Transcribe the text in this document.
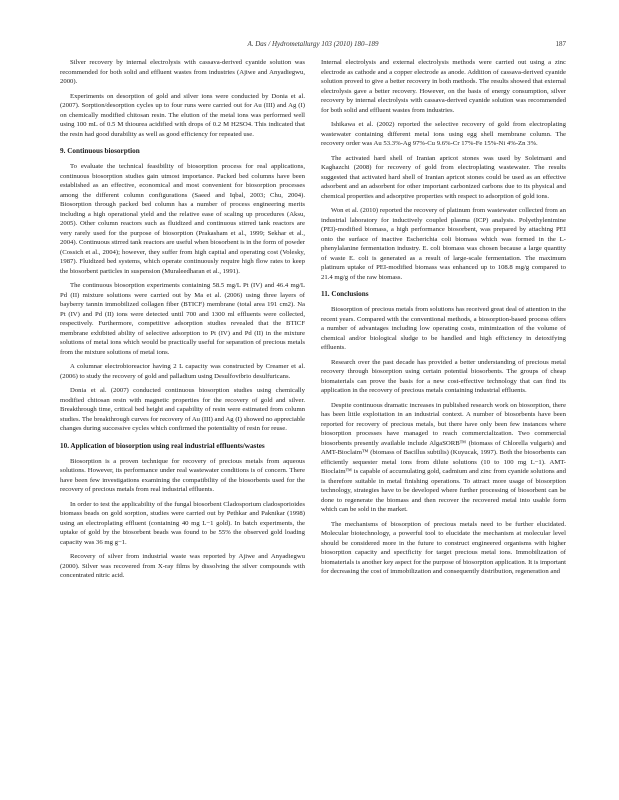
A. Das / Hydrometallurgy 103 (2010) 180–189	187

Silver recovery by internal electrolysis with cassava-derived cyanide solution was recommended for both solid and effluent wastes from industries (Ajiwe and Anyadiegwu, 2000).

Experiments on desorption of gold and silver ions were conducted by Donia et al. (2007). Sorption/desorption cycles up to four runs were carried out for Au (III) and Ag (I) on chemically modified chitosan resin. The elution of the metal ions was performed well using 100 mL of 0.5 M thiourea acidified with drops of 0.2 M H2SO4. This indicated that the resin had good durability as well as good efficiency for repeated use.

9. Continuous biosorption

To evaluate the technical feasibility of biosorption process for real applications, continuous biosorption studies gain utmost importance. Packed bed columns have been established as an effective, economical and most convenient for biosorption processes among the different column configurations (Saeed and Iqbal, 2003; Chu, 2004). Biosorption through packed bed column has a number of process engineering merits including a high operational yield and the relative ease of scaling up procedures (Aksu, 2005). Other column reactors such as fluidized and continuous stirred tank reactors are very rarely used for the purpose of biosorption (Prakasham et al., 1999; Sekhar et al., 2004). Continuous stirred tank reactors are useful when biosorbent is in the form of powder (Cossich et al., 2004); however, they suffer from high capital and operating cost (Volesky, 1987). Fluidized bed systems, which operate continuously require high flow rates to keep the biosorbent particles in suspension (Muraleedharan et al., 1991).

The continuous biosorption experiments containing 58.5 mg/L Pt (IV) and 46.4 mg/L Pd (II) mixture solutions were carried out by Ma et al. (2006) using three layers of bayberry tannin immobilized collagen fiber (BTICF) membrane (total area 191 cm2). Na Pt (IV) and Pd (II) ions were detected until 700 and 1300 ml effluents were collected, respectively. Furthermore, competitive adsorption studies revealed that the BTICF membrane exhibited ability of selective adsorption to Pt (IV) and Pd (II) in the mixture solutions of metal ions which would be practically useful for separation of precious metals from the mixture solutions of metal ions.

A columnar electrobioreactor having 2 L capacity was constructed by Creamer et al. (2006) to study the recovery of gold and palladium using Desulfovibrio desulfuricans.

Donia et al. (2007) conducted continuous biosorption studies using chemically modified chitosan resin with magnetic properties for the recovery of gold and silver. Breakthrough time, critical bed height and capability of resin were estimated from column studies. The breakthrough curves for recovery of Au (III) and Ag (I) showed no appreciable changes during successive cycles which confirmed the potentiality of resin for reuse.

10. Application of biosorption using real industrial effluents/wastes

Biosorption is a proven technique for recovery of precious metals from aqueous solutions. However, its performance under real wastewater conditions is of concern. There have been few investigations examining the compatibility of the biosorbents used for the recovery of precious metals from real industrial effluents.

In order to test the applicability of the fungal biosorbent Cladosporium cladosporioides biomass beads on gold sorption, studies were carried out by Pethkar and Paknikar (1998) using an electroplating effluent (containing 40 mg L−1 gold). In batch experiments, the uptake of gold by the biosorbent beads was found to be 55% the observed gold loading capacity was 36 mg g−1.

Recovery of silver from industrial waste was reported by Ajiwe and Anyadiegwu (2000). Silver was recovered from X-ray films by dissolving the silver compounds with concentrated nitric acid.

Internal electrolysis and external electrolysis methods were carried out using a zinc electrode as cathode and a copper electrode as anode. Addition of cassava-derived cyanide solution proved to give a better recovery in both methods. The results showed that external electrolysis gave a better recovery. However, on the basis of energy consumption, silver recovery by internal electrolysis with cassava-derived cyanide solution was recommended for both solid and effluent wastes from industries.

Ishikawa et al. (2002) reported the selective recovery of gold from electroplating wastewater containing different metal ions using egg shell membrane column. The recovery order was Au 53.3%-Ag 97%-Cu 9.6%-Cr 17%-Fe 15%-Ni 4%-Zn 3%.

The activated hard shell of Iranian apricot stones was used by Soleimani and Kaghazchi (2008) for recovery of gold from electroplating wastewater. The results suggested that activated hard shell of Iranian apricot stones could be used as an effective adsorbent and an adsorbent for other important carbonized carbons due to its physical and chemical properties and adsorptive properties with respect to adsorption of gold ions.

Won et al. (2010) reported the recovery of platinum from wastewater collected from an industrial laboratory for inductively coupled plasma (ICP) analysis. Polyethylenimine (PEI)-modified biomass, a high performance biosorbent, was prepared by attaching PEI onto the surface of inactive Escherichia coli biomass which was formed in the L-phenylalanine fermentation industry. E. coli biomass was chosen because a large quantity of waste E. coli is generated as a result of large-scale fermentation. The maximum platinum uptake of PEI-modified biomass was enhanced up to 108.8 mg/g compared to 21.4 mg/g of the raw biomass.

11. Conclusions

Biosorption of precious metals from solutions has received great deal of attention in the recent years. Compared with the conventional methods, a biosorption-based process offers a number of advantages including low operating costs, minimization of the volume of chemical and/or biological sludge to be handled and high efficiency in detoxifying effluents.

Research over the past decade has provided a better understanding of precious metal recovery through biosorption using certain potential biosorbents. The groups of cheap biomaterials can prove the basis for a new cost-effective technology that can find its application in the recovery of precious metals containing industrial effluents.

Despite continuous dramatic increases in published research work on biosorption, there has been little exploitation in an industrial context. A number of biosorbents have been reported for recovery of precious metals, but there have only been few instances where biosorption processes have managed to reach commercialization. Two commercial biosorbents presently available include AlgaSORB™ (biomass of Chlorella vulgaris) and AMT-Bioclaim™ (biomass of Bacillus subtilis) (Kuyucak, 1997). Both the biosorbents can efficiently sequester metal ions from dilute solutions (10 to 100 mg L−1). AMT-Bioclaim™ is capable of accumulating gold, cadmium and zinc from cyanide solutions and is therefore suitable in metal finishing operations. To attract more usage of biosorption technology, strategies have to be developed where further processing of biosorbent can be done to regenerate the biomass and then recover the recovered metal into usable form which can be sold in the market.

The mechanisms of biosorption of precious metals need to be further elucidated. Molecular biotechnology, a powerful tool to elucidate the mechanism at molecular level should be considered more in the future to construct engineered organisms with higher biosorption capacity and specificity for target precious metal ions. Immobilization of biomaterials is another key aspect for the purpose of biosorption application. It is important for decreasing the cost of immobilization and consequently distribution, regeneration and
